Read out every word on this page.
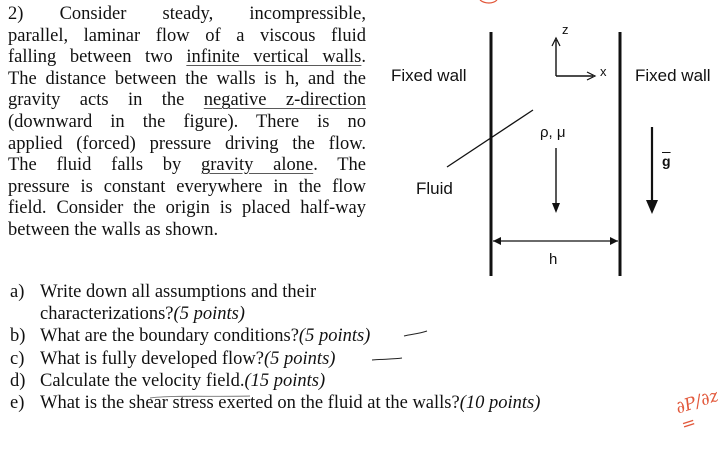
2) Consider steady, incompressible,
parallel, laminar flow of a viscous fluid
falling between two infinite vertical walls.
The distance between the walls is h, and the
gravity acts in the negative z-direction
(downward in the figure). There is no
applied (forced) pressure driving the flow.
The fluid falls by gravity alone. The
pressure is constant everywhere in the flow
field. Consider the origin is placed half-way
between the walls as shown.
a) Write down all assumptions and their
characterizations? (5 points)
b) What are the boundary conditions? (5 points)
c) What is fully developed flow? (5 points)
d) Calculate the velocity field. (15 points)
e) What is the shear stress exerted on the fluid at the walls? (10 points)
Fixed wall	Fixed wall
Fluid
z
x
ρ, μ
h
$\overline{g}$
∂P/∂z =
